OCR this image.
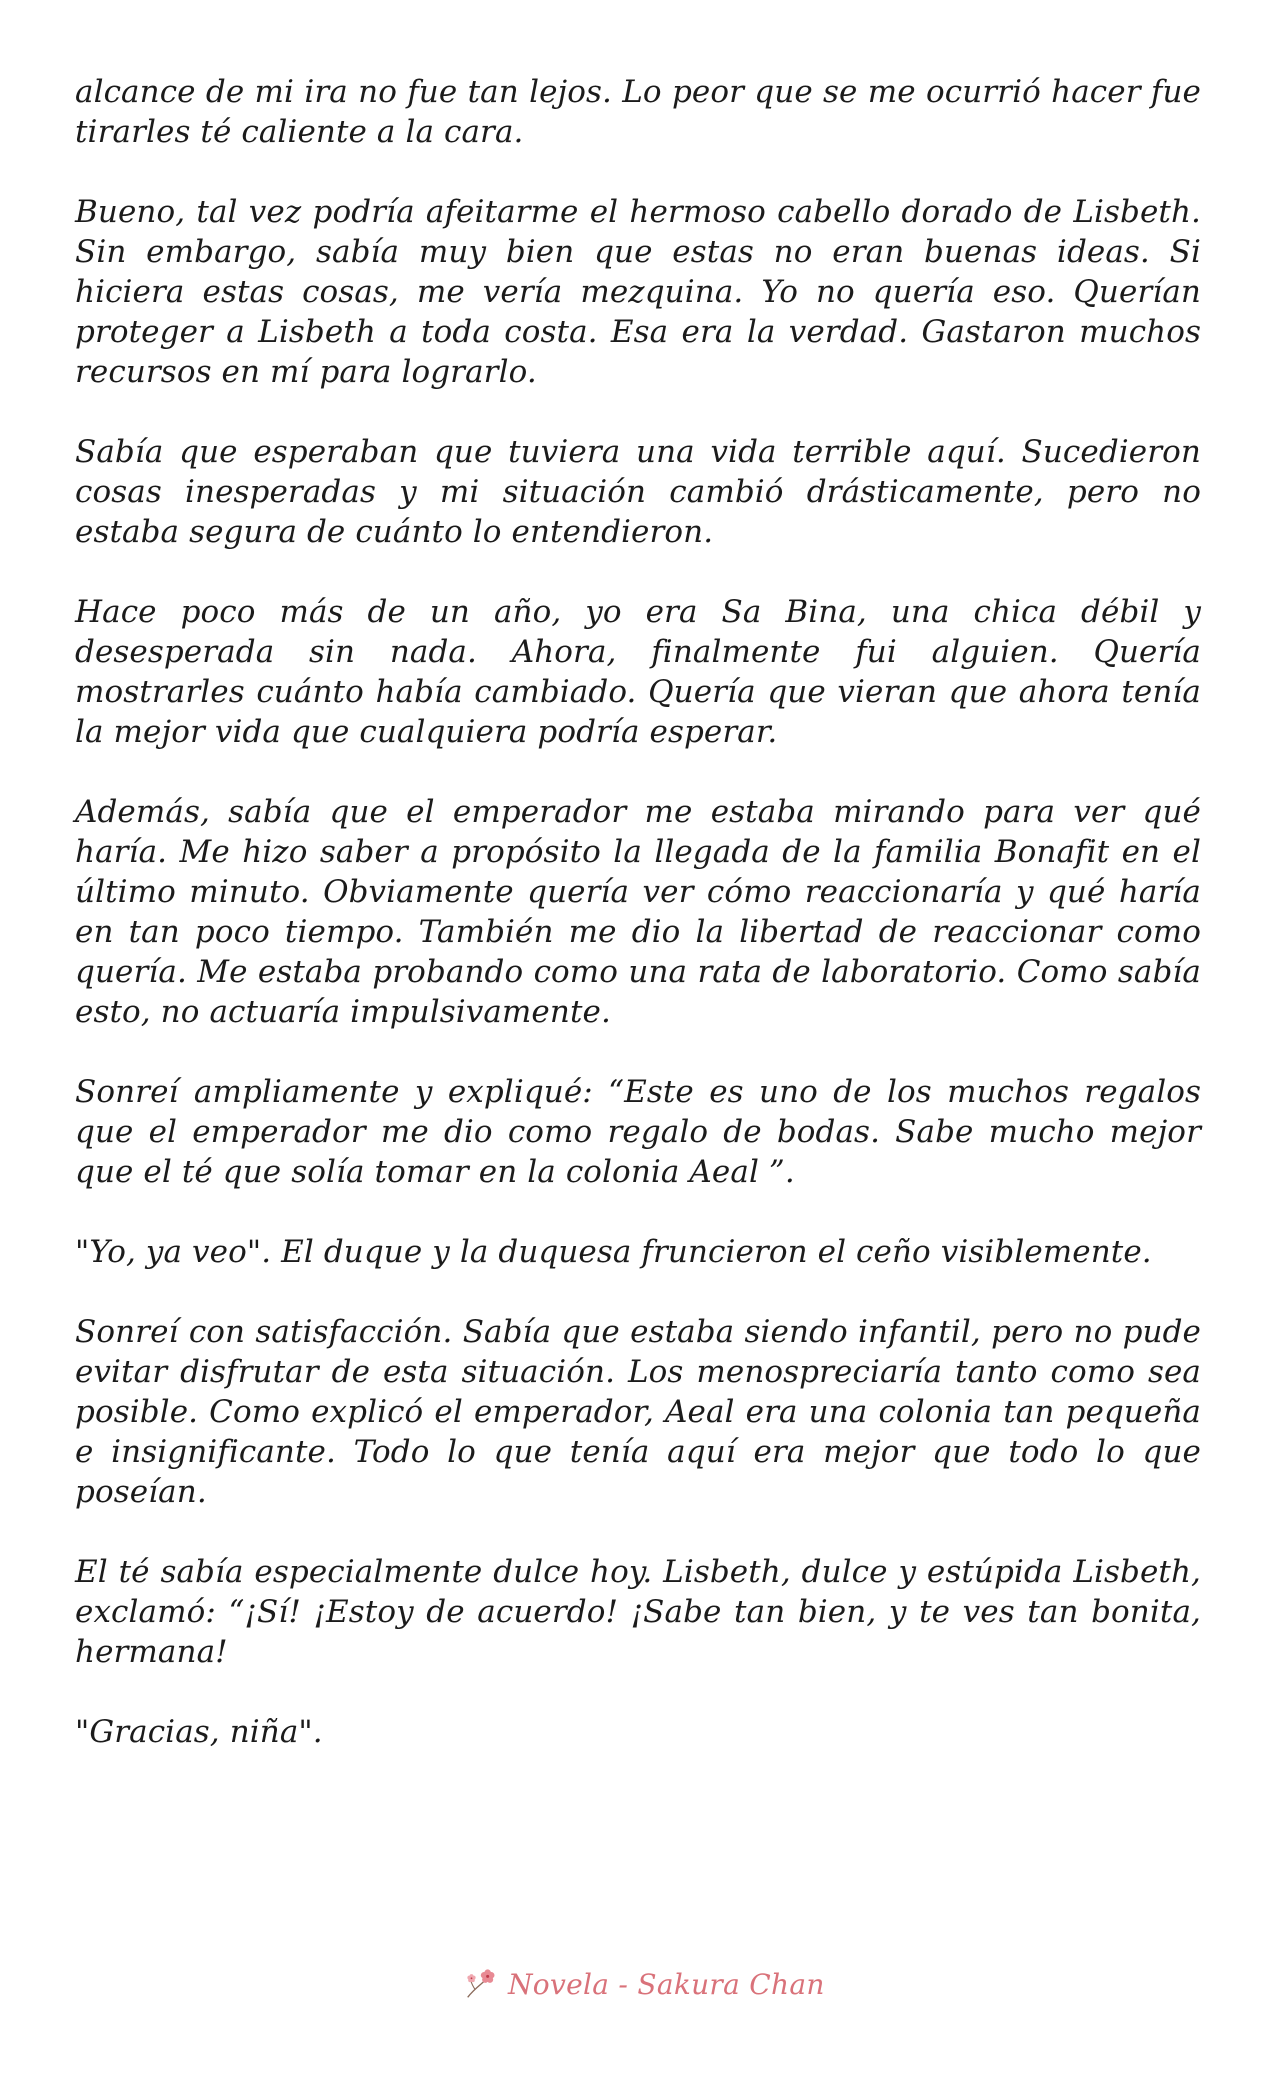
alcance de mi ira no fue tan lejos. Lo peor que se me ocurrió hacer fue tirarles té caliente a la cara.

Bueno, tal vez podría afeitarme el hermoso cabello dorado de Lisbeth. Sin embargo, sabía muy bien que estas no eran buenas ideas. Si hiciera estas cosas, me vería mezquina. Yo no quería eso. Querían proteger a Lisbeth a toda costa. Esa era la verdad. Gastaron muchos recursos en mí para lograrlo.

Sabía que esperaban que tuviera una vida terrible aquí. Sucedieron cosas inesperadas y mi situación cambió drásticamente, pero no estaba segura de cuánto lo entendieron.

Hace poco más de un año, yo era Sa Bina, una chica débil y desesperada sin nada. Ahora, finalmente fui alguien. Quería mostrarles cuánto había cambiado. Quería que vieran que ahora tenía la mejor vida que cualquiera podría esperar.

Además, sabía que el emperador me estaba mirando para ver qué haría. Me hizo saber a propósito la llegada de la familia Bonafit en el último minuto. Obviamente quería ver cómo reaccionaría y qué haría en tan poco tiempo. También me dio la libertad de reaccionar como quería. Me estaba probando como una rata de laboratorio. Como sabía esto, no actuaría impulsivamente.

Sonreí ampliamente y expliqué: “Este es uno de los muchos regalos que el emperador me dio como regalo de bodas. Sabe mucho mejor que el té que solía tomar en la colonia Aeal ”.

"Yo, ya veo". El duque y la duquesa fruncieron el ceño visiblemente.

Sonreí con satisfacción. Sabía que estaba siendo infantil, pero no pude evitar disfrutar de esta situación. Los menospreciaría tanto como sea posible. Como explicó el emperador, Aeal era una colonia tan pequeña e insignificante. Todo lo que tenía aquí era mejor que todo lo que poseían.

El té sabía especialmente dulce hoy. Lisbeth, dulce y estúpida Lisbeth, exclamó: “¡Sí! ¡Estoy de acuerdo! ¡Sabe tan bien, y te ves tan bonita, hermana!

"Gracias, niña".

Novela - Sakura Chan
